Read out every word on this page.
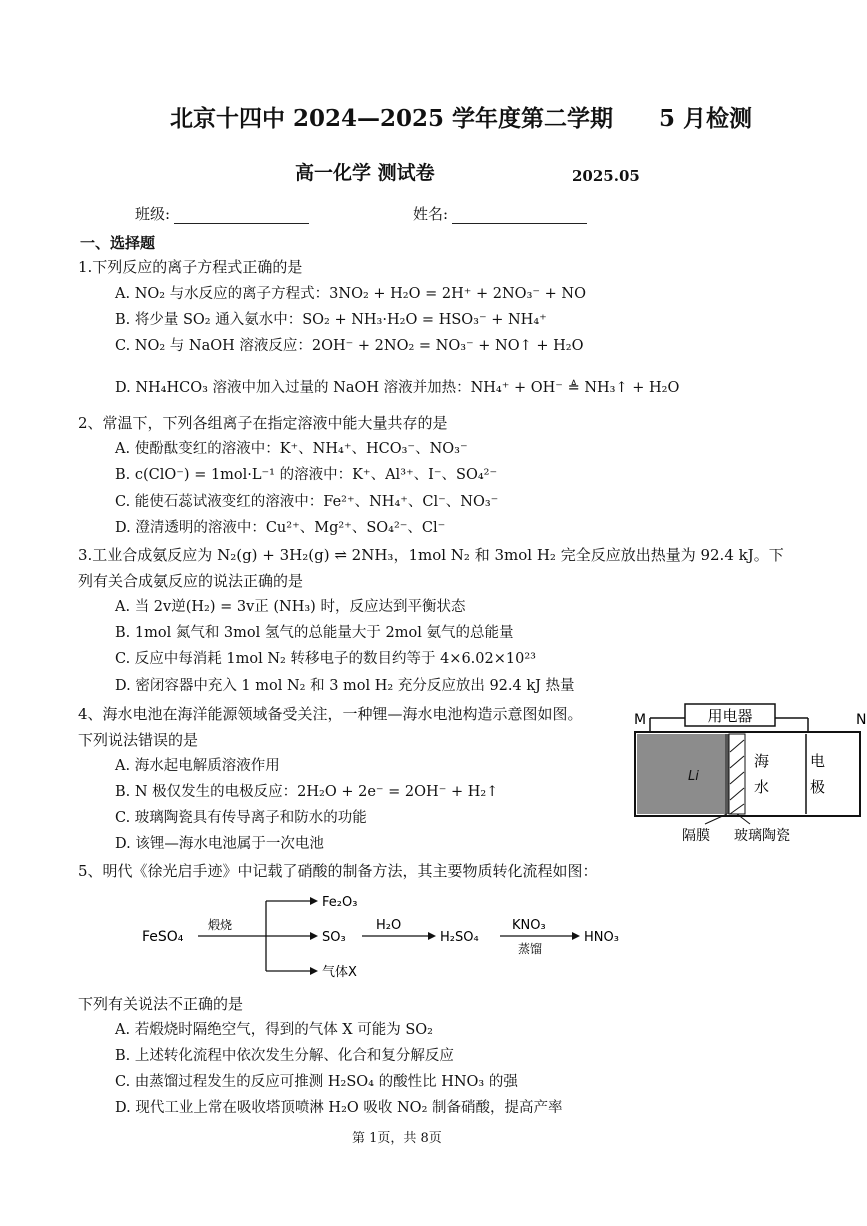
北京十四中 2024—2025 学年度第二学期　　5 月检测
高一化学 测试卷	2025.05
班级:	姓名:
一、选择题
1.下列反应的离子方程式正确的是
A. NO₂ 与水反应的离子方程式：3NO₂ + H₂O = 2H⁺ + 2NO₃⁻ + NO
B. 将少量 SO₂ 通入氨水中：SO₂ + NH₃·H₂O = HSO₃⁻ + NH₄⁺
C. NO₂ 与 NaOH 溶液反应：2OH⁻ + 2NO₂ = NO₃⁻ + NO↑ + H₂O
D. NH₄HCO₃ 溶液中加入过量的 NaOH 溶液并加热：NH₄⁺ + OH⁻ ≜ NH₃↑ + H₂O
2、常温下，下列各组离子在指定溶液中能大量共存的是
A. 使酚酞变红的溶液中：K⁺、NH₄⁺、HCO₃⁻、NO₃⁻
B. c(ClO⁻) = 1mol·L⁻¹ 的溶液中：K⁺、Al³⁺、I⁻、SO₄²⁻
C. 能使石蕊试液变红的溶液中：Fe²⁺、NH₄⁺、Cl⁻、NO₃⁻
D. 澄清透明的溶液中：Cu²⁺、Mg²⁺、SO₄²⁻、Cl⁻
3.工业合成氨反应为 N₂(g) + 3H₂(g) ⇌ 2NH₃，1mol N₂ 和 3mol H₂ 完全反应放出热量为 92.4 kJ。下
列有关合成氨反应的说法正确的是
A. 当 2v逆(H₂) = 3v正 (NH₃) 时，反应达到平衡状态
B. 1mol 氮气和 3mol 氢气的总能量大于 2mol 氨气的总能量
C. 反应中每消耗 1mol N₂ 转移电子的数目约等于 4×6.02×10²³
D. 密闭容器中充入 1 mol N₂ 和 3 mol H₂ 充分反应放出 92.4 kJ 热量
4、海水电池在海洋能源领域备受关注，一种锂—海水电池构造示意图如图。
下列说法错误的是
A. 海水起电解质溶液作用
B. N 极仅发生的电极反应：2H₂O + 2e⁻ = 2OH⁻ + H₂↑
C. 玻璃陶瓷具有传导离子和防水的功能
D. 该锂—海水电池属于一次电池
M	N
用电器
Li
海
水
电
极
隔膜 玻璃陶瓷
5、明代《徐光启手迹》中记载了硝酸的制备方法，其主要物质转化流程如图：
FeSO₄
煅烧
Fe₂O₃
SO₃
气体X
H₂O
H₂SO₄
KNO₃
蒸馏
HNO₃
下列有关说法不正确的是
A. 若煅烧时隔绝空气，得到的气体 X 可能为 SO₂
B. 上述转化流程中依次发生分解、化合和复分解反应
C. 由蒸馏过程发生的反应可推测 H₂SO₄ 的酸性比 HNO₃ 的强
D. 现代工业上常在吸收塔顶喷淋 H₂O 吸收 NO₂ 制备硝酸，提高产率
第 1页，共 8页
